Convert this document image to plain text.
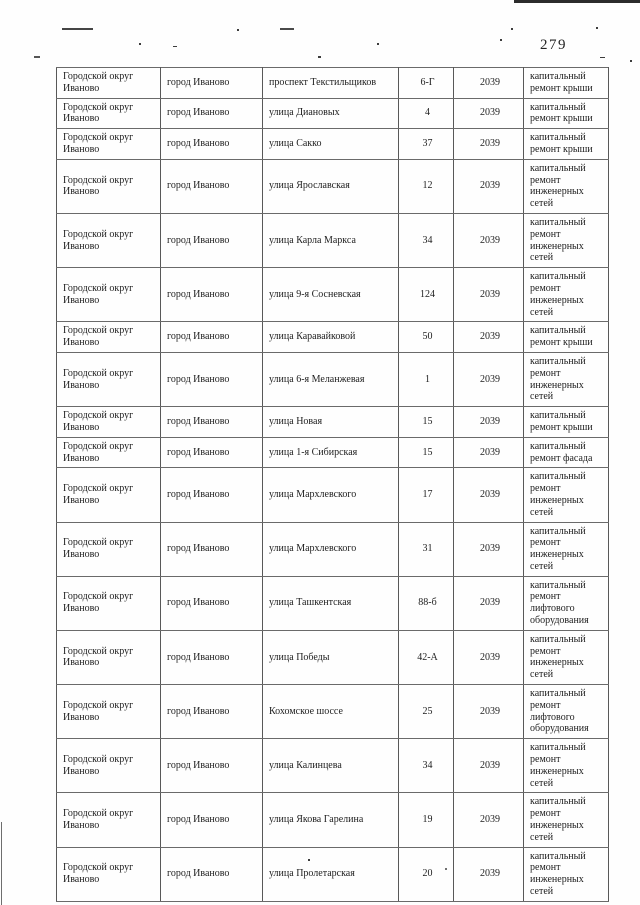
279
Городской округ Иваново	город Иваново	проспект Текстильщиков	6-Г	2039	капитальный ремонт крыши
Городской округ Иваново	город Иваново	улица Диановых	4	2039	капитальный ремонт крыши
Городской округ Иваново	город Иваново	улица Сакко	37	2039	капитальный ремонт крыши
Городской округ Иваново	город Иваново	улица Ярославская	12	2039	капитальный ремонт инженерных сетей
Городской округ Иваново	город Иваново	улица Карла Маркса	34	2039	капитальный ремонт инженерных сетей
Городской округ Иваново	город Иваново	улица 9-я Сосневская	124	2039	капитальный ремонт инженерных сетей
Городской округ Иваново	город Иваново	улица Каравайковой	50	2039	капитальный ремонт крыши
Городской округ Иваново	город Иваново	улица 6-я Меланжевая	1	2039	капитальный ремонт инженерных сетей
Городской округ Иваново	город Иваново	улица Новая	15	2039	капитальный ремонт крыши
Городской округ Иваново	город Иваново	улица 1-я Сибирская	15	2039	капитальный ремонт фасада
Городской округ Иваново	город Иваново	улица Мархлевского	17	2039	капитальный ремонт инженерных сетей
Городской округ Иваново	город Иваново	улица Мархлевского	31	2039	капитальный ремонт инженерных сетей
Городской округ Иваново	город Иваново	улица Ташкентская	88-б	2039	капитальный ремонт лифтового оборудования
Городской округ Иваново	город Иваново	улица Победы	42-А	2039	капитальный ремонт инженерных сетей
Городской округ Иваново	город Иваново	Кохомское шоссе	25	2039	капитальный ремонт лифтового оборудования
Городской округ Иваново	город Иваново	улица Калинцева	34	2039	капитальный ремонт инженерных сетей
Городской округ Иваново	город Иваново	улица Якова Гарелина	19	2039	капитальный ремонт инженерных сетей
Городской округ Иваново	город Иваново	улица Пролетарская	20	2039	капитальный ремонт инженерных сетей
